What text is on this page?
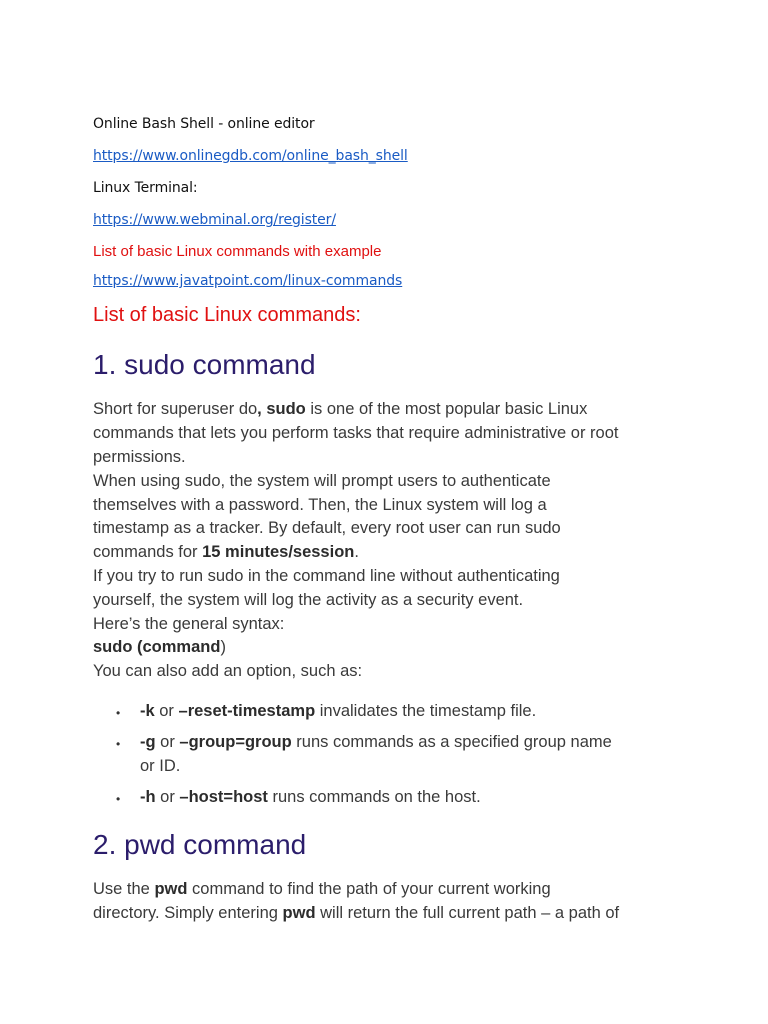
Online Bash Shell - online editor
https://www.onlinegdb.com/online_bash_shell
Linux Terminal:
https://www.webminal.org/register/
List of basic Linux commands with example
https://www.javatpoint.com/linux-commands
List of basic Linux commands:
1. sudo command
Short for superuser do, sudo is one of the most popular basic Linux
commands that lets you perform tasks that require administrative or root
permissions.
When using sudo, the system will prompt users to authenticate
themselves with a password. Then, the Linux system will log a
timestamp as a tracker. By default, every root user can run sudo
commands for 15 minutes/session.
If you try to run sudo in the command line without authenticating
yourself, the system will log the activity as a security event.
Here’s the general syntax:
sudo (command)
You can also add an option, such as:
• -k or –reset-timestamp invalidates the timestamp file.
• -g or –group=group runs commands as a specified group name
or ID.
• -h or –host=host runs commands on the host.
2. pwd command
Use the pwd command to find the path of your current working
directory. Simply entering pwd will return the full current path – a path of
